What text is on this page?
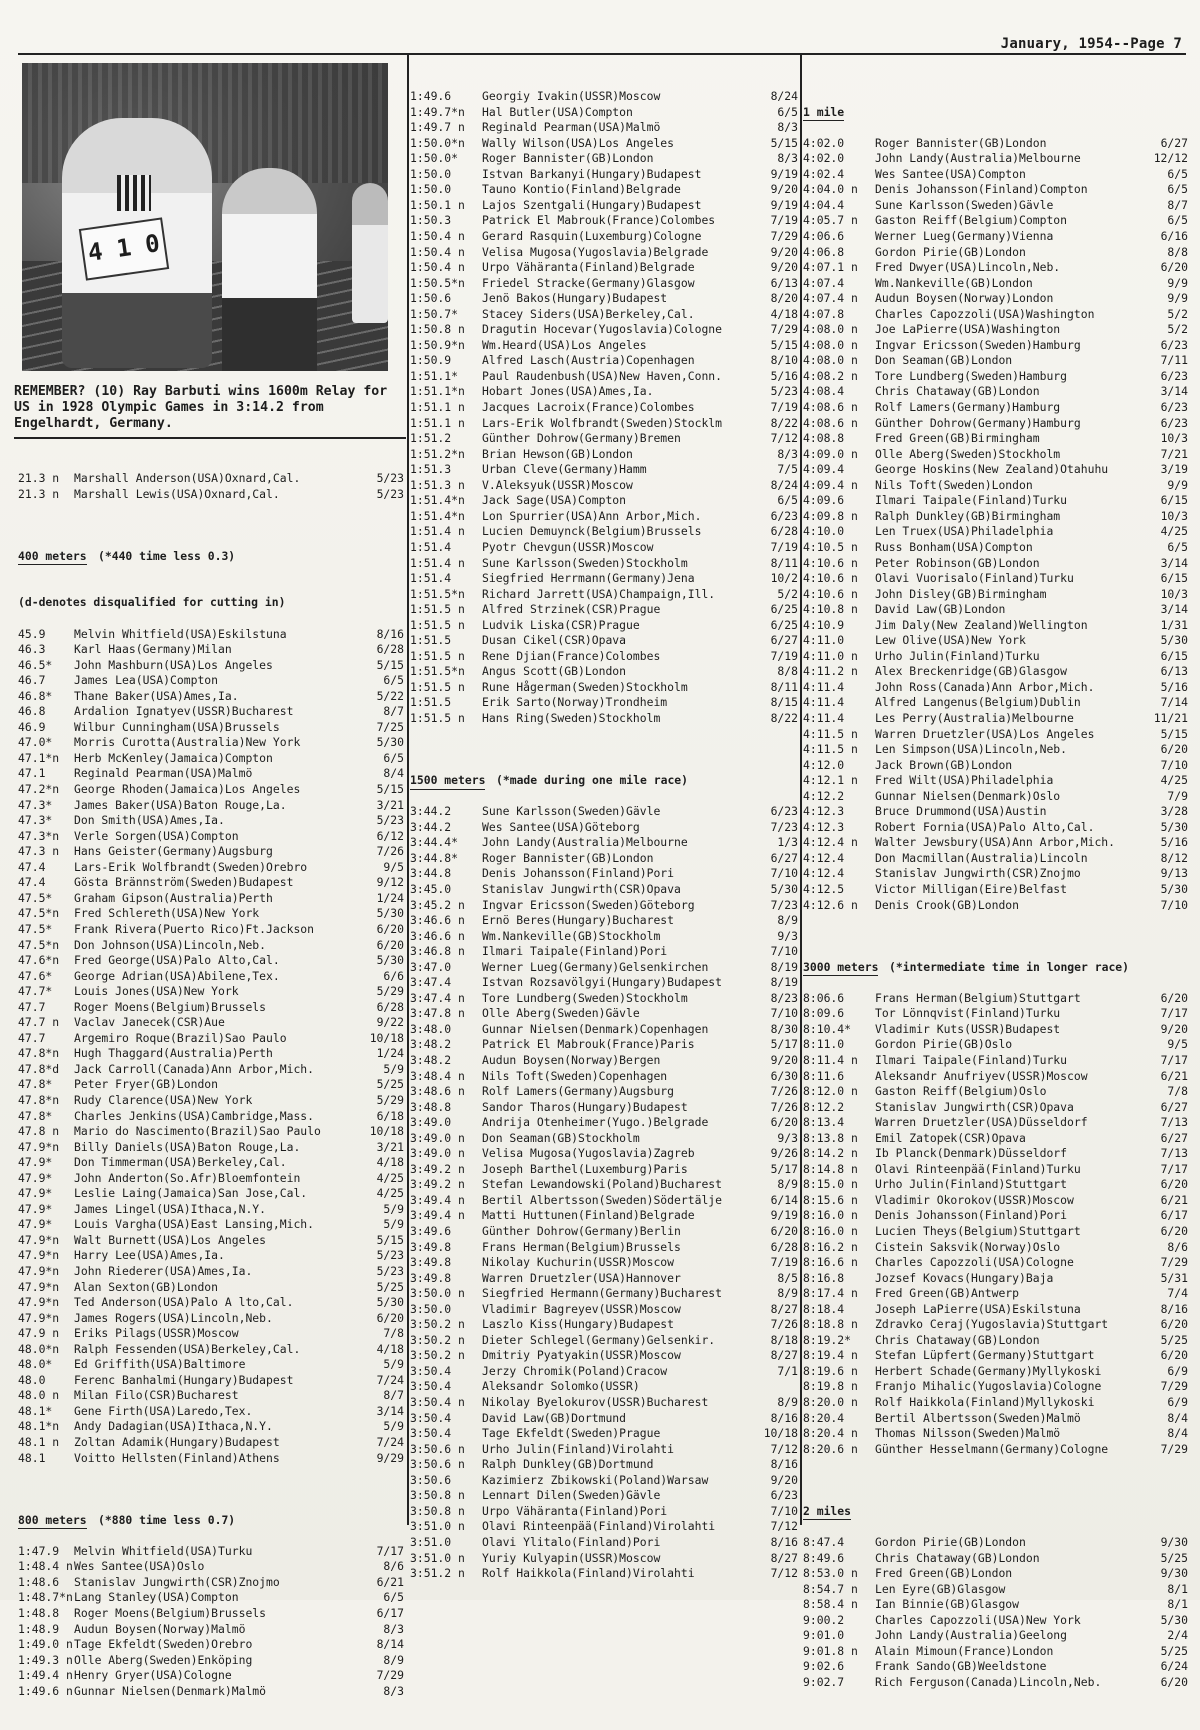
January, 1954--Page 7
4 1 0
REMEMBER? (10) Ray Barbuti wins 1600m Relay for US in 1928 Olympic Games in 3:14.2 from Engelhardt, Germany.

21.3 n Marshall Anderson(USA)Oxnard,Cal.	5/23
21.3 n Marshall Lewis(USA)Oxnard,Cal.	5/23

400 meters (*440 time less 0.3)

(d-denotes disqualified for cutting in)

45.9	Melvin Whitfield(USA)Eskilstuna	8/16
46.3	Karl Haas(Germany)Milan	6/28
46.5* John Mashburn(USA)Los Angeles	5/15
46.7	James Lea(USA)Compton	6/5
46.8* Thane Baker(USA)Ames,Ia.	5/22
46.8	Ardalion Ignatyev(USSR)Bucharest	8/7
46.9	Wilbur Cunningham(USA)Brussels	7/25
47.0* Morris Curotta(Australia)New York	5/30
47.1*n Herb McKenley(Jamaica)Compton	6/5
47.1	Reginald Pearman(USA)Malmö	8/4
47.2*n George Rhoden(Jamaica)Los Angeles	5/15
47.3* James Baker(USA)Baton Rouge,La.	3/21
47.3* Don Smith(USA)Ames,Ia.	5/23
47.3*n Verle Sorgen(USA)Compton	6/12
47.3 n Hans Geister(Germany)Augsburg	7/26
47.4	Lars-Erik Wolfbrandt(Sweden)Orebro	9/5
47.4	Gösta Brännström(Sweden)Budapest	9/12
47.5* Graham Gipson(Australia)Perth	1/24
47.5*n Fred Schlereth(USA)New York	5/30
47.5* Frank Rivera(Puerto Rico)Ft.Jackson	6/20
47.5*n Don Johnson(USA)Lincoln,Neb.	6/20
47.6*n Fred George(USA)Palo Alto,Cal.	5/30
47.6* George Adrian(USA)Abilene,Tex.	6/6
47.7* Louis Jones(USA)New York	5/29
47.7	Roger Moens(Belgium)Brussels	6/28
47.7 n Vaclav Janecek(CSR)Aue	9/22
47.7	Argemiro Roque(Brazil)Sao Paulo	10/18
47.8*n Hugh Thaggard(Australia)Perth	1/24
47.8*d Jack Carroll(Canada)Ann Arbor,Mich.	5/9
47.8* Peter Fryer(GB)London	5/25
47.8*n Rudy Clarence(USA)New York	5/29
47.8* Charles Jenkins(USA)Cambridge,Mass.	6/18
47.8 n Mario do Nascimento(Brazil)Sao Paulo	10/18
47.9*n Billy Daniels(USA)Baton Rouge,La.	3/21
47.9* Don Timmerman(USA)Berkeley,Cal.	4/18
47.9* John Anderton(So.Afr)Bloemfontein	4/25
47.9* Leslie Laing(Jamaica)San Jose,Cal.	4/25
47.9* James Lingel(USA)Ithaca,N.Y.	5/9
47.9* Louis Vargha(USA)East Lansing,Mich.	5/9
47.9*n Walt Burnett(USA)Los Angeles	5/15
47.9*n Harry Lee(USA)Ames,Ia.	5/23
47.9*n John Riederer(USA)Ames,Ia.	5/23
47.9*n Alan Sexton(GB)London	5/25
47.9*n Ted Anderson(USA)Palo A lto,Cal.	5/30
47.9*n James Rogers(USA)Lincoln,Neb.	6/20
47.9 n Eriks Pilags(USSR)Moscow	7/8
48.0*n Ralph Fessenden(USA)Berkeley,Cal.	4/18
48.0* Ed Griffith(USA)Baltimore	5/9
48.0	Ferenc Banhalmi(Hungary)Budapest	7/24
48.0 n Milan Filo(CSR)Bucharest	8/7
48.1* Gene Firth(USA)Laredo,Tex.	3/14
48.1*n Andy Dadagian(USA)Ithaca,N.Y.	5/9
48.1 n Zoltan Adamik(Hungary)Budapest	7/24
48.1	Voitto Hellsten(Finland)Athens	9/29

800 meters (*880 time less 0.7)

1:47.9 Melvin Whitfield(USA)Turku	7/17
1:48.4 n Wes Santee(USA)Oslo	8/6
1:48.6 Stanislav Jungwirth(CSR)Znojmo	6/21
1:48.7*n Lang Stanley(USA)Compton	6/5
1:48.8 Roger Moens(Belgium)Brussels	6/17
1:48.9 Audun Boysen(Norway)Malmö	8/3
1:49.0 n Tage Ekfeldt(Sweden)Orebro	8/14
1:49.3 n Olle Aberg(Sweden)Enköping	8/9
1:49.4 n Henry Gryer(USA)Cologne	7/29
1:49.6 n Gunnar Nielsen(Denmark)Malmö	8/3

1:49.6	Georgiy Ivakin(USSR)Moscow	8/24
1:49.7*n Hal Butler(USA)Compton	6/5
1:49.7 n Reginald Pearman(USA)Malmö	8/3
1:50.0*n Wally Wilson(USA)Los Angeles	5/15
1:50.0* Roger Bannister(GB)London	8/3
1:50.0	Istvan Barkanyi(Hungary)Budapest	9/19
1:50.0	Tauno Kontio(Finland)Belgrade	9/20
1:50.1 n Lajos Szentgali(Hungary)Budapest	9/19
1:50.3	Patrick El Mabrouk(France)Colombes	7/19
1:50.4 n Gerard Rasquin(Luxemburg)Cologne	7/29
1:50.4 n Velisa Mugosa(Yugoslavia)Belgrade	9/20
1:50.4 n Urpo Vähäranta(Finland)Belgrade	9/20
1:50.5*n Friedel Stracke(Germany)Glasgow	6/13
1:50.6	Jenö Bakos(Hungary)Budapest	8/20
1:50.7* Stacey Siders(USA)Berkeley,Cal.	4/18
1:50.8 n Dragutin Hocevar(Yugoslavia)Cologne	7/29
1:50.9*n Wm.Heard(USA)Los Angeles	5/15
1:50.9	Alfred Lasch(Austria)Copenhagen	8/10
1:51.1* Paul Raudenbush(USA)New Haven,Conn.	5/16
1:51.1*n Hobart Jones(USA)Ames,Ia.	5/23
1:51.1 n Jacques Lacroix(France)Colombes	7/19
1:51.1 n Lars-Erik Wolfbrandt(Sweden)Stocklm	8/22
1:51.2	Günther Dohrow(Germany)Bremen	7/12
1:51.2*n Brian Hewson(GB)London	8/3
1:51.3	Urban Cleve(Germany)Hamm	7/5
1:51.3 n V.Aleksyuk(USSR)Moscow	8/24
1:51.4*n Jack Sage(USA)Compton	6/5
1:51.4*n Lon Spurrier(USA)Ann Arbor,Mich.	6/23
1:51.4 n Lucien Demuynck(Belgium)Brussels	6/28
1:51.4	Pyotr Chevgun(USSR)Moscow	7/19
1:51.4 n Sune Karlsson(Sweden)Stockholm	8/11
1:51.4	Siegfried Herrmann(Germany)Jena	10/2
1:51.5*n Richard Jarrett(USA)Champaign,Ill.	5/2
1:51.5 n Alfred Strzinek(CSR)Prague	6/25
1:51.5 n Ludvik Liska(CSR)Prague	6/25
1:51.5	Dusan Cikel(CSR)Opava	6/27
1:51.5 n Rene Djian(France)Colombes	7/19
1:51.5*n Angus Scott(GB)London	8/8
1:51.5 n Rune Hågerman(Sweden)Stockholm	8/11
1:51.5	Erik Sarto(Norway)Trondheim	8/15
1:51.5 n Hans Ring(Sweden)Stockholm	8/22

1500 meters (*made during one mile race)

3:44.2	Sune Karlsson(Sweden)Gävle	6/23
3:44.2	Wes Santee(USA)Göteborg	7/23
3:44.4* John Landy(Australia)Melbourne	1/3
3:44.8* Roger Bannister(GB)London	6/27
3:44.8	Denis Johansson(Finland)Pori	7/10
3:45.0	Stanislav Jungwirth(CSR)Opava	5/30
3:45.2 n Ingvar Ericsson(Sweden)Göteborg	7/23
3:46.6 n Ernö Beres(Hungary)Bucharest	8/9
3:46.6 n Wm.Nankeville(GB)Stockholm	9/3
3:46.8 n Ilmari Taipale(Finland)Pori	7/10
3:47.0	Werner Lueg(Germany)Gelsenkirchen	8/19
3:47.4	Istvan Rozsavölgyi(Hungary)Budapest	8/19
3:47.4 n Tore Lundberg(Sweden)Stockholm	8/23
3:47.8 n Olle Aberg(Sweden)Gävle	7/10
3:48.0	Gunnar Nielsen(Denmark)Copenhagen	8/30
3:48.2	Patrick El Mabrouk(France)Paris	5/17
3:48.2	Audun Boysen(Norway)Bergen	9/20
3:48.4 n Nils Toft(Sweden)Copenhagen	6/30
3:48.6 n Rolf Lamers(Germany)Augsburg	7/26
3:48.8	Sandor Tharos(Hungary)Budapest	7/26
3:49.0	Andrija Otenheimer(Yugo.)Belgrade	6/20
3:49.0 n Don Seaman(GB)Stockholm	9/3
3:49.0 n Velisa Mugosa(Yugoslavia)Zagreb	9/26
3:49.2 n Joseph Barthel(Luxemburg)Paris	5/17
3:49.2 n Stefan Lewandowski(Poland)Bucharest	8/9
3:49.4 n Bertil Albertsson(Sweden)Södertälje	6/14
3:49.4 n Matti Huttunen(Finland)Belgrade	9/19
3:49.6	Günther Dohrow(Germany)Berlin	6/20
3:49.8	Frans Herman(Belgium)Brussels	6/28
3:49.8	Nikolay Kuchurin(USSR)Moscow	7/19
3:49.8	Warren Druetzler(USA)Hannover	8/5
3:50.0 n Siegfried Hermann(Germany)Bucharest	8/9
3:50.0	Vladimir Bagreyev(USSR)Moscow	8/27
3:50.2 n Laszlo Kiss(Hungary)Budapest	7/26
3:50.2 n Dieter Schlegel(Germany)Gelsenkir.	8/18
3:50.2 n Dmitriy Pyatyakin(USSR)Moscow	8/27
3:50.4	Jerzy Chromik(Poland)Cracow	7/1
3:50.4	Aleksandr Solomko(USSR)
3:50.4 n Nikolay Byelokurov(USSR)Bucharest	8/9
3:50.4	David Law(GB)Dortmund	8/16
3:50.4	Tage Ekfeldt(Sweden)Prague	10/18
3:50.6 n Urho Julin(Finland)Virolahti	7/12
3:50.6 n Ralph Dunkley(GB)Dortmund	8/16
3:50.6	Kazimierz Zbikowski(Poland)Warsaw	9/20
3:50.8 n Lennart Dilen(Sweden)Gävle	6/23
3:50.8 n Urpo Vähäranta(Finland)Pori	7/10
3:51.0 n Olavi Rinteenpää(Finland)Virolahti	7/12
3:51.0	Olavi Ylitalo(Finland)Pori	8/16
3:51.0 n Yuriy Kulyapin(USSR)Moscow	8/27
3:51.2 n Rolf Haikkola(Finland)Virolahti	7/12

1 mile

4:02.0	Roger Bannister(GB)London	6/27
4:02.0	John Landy(Australia)Melbourne	12/12
4:02.4	Wes Santee(USA)Compton	6/5
4:04.0 n Denis Johansson(Finland)Compton	6/5
4:04.4	Sune Karlsson(Sweden)Gävle	8/7
4:05.7 n Gaston Reiff(Belgium)Compton	6/5
4:06.6	Werner Lueg(Germany)Vienna	6/16
4:06.8	Gordon Pirie(GB)London	8/8
4:07.1 n Fred Dwyer(USA)Lincoln,Neb.	6/20
4:07.4	Wm.Nankeville(GB)London	9/9
4:07.4 n Audun Boysen(Norway)London	9/9
4:07.8	Charles Capozzoli(USA)Washington	5/2
4:08.0 n Joe LaPierre(USA)Washington	5/2
4:08.0 n Ingvar Ericsson(Sweden)Hamburg	6/23
4:08.0 n Don Seaman(GB)London	7/11
4:08.2 n Tore Lundberg(Sweden)Hamburg	6/23
4:08.4	Chris Chataway(GB)London	3/14
4:08.6 n Rolf Lamers(Germany)Hamburg	6/23
4:08.6 n Günther Dohrow(Germany)Hamburg	6/23
4:08.8	Fred Green(GB)Birmingham	10/3
4:09.0 n Olle Aberg(Sweden)Stockholm	7/21
4:09.4	George Hoskins(New Zealand)Otahuhu	3/19
4:09.4 n Nils Toft(Sweden)London	9/9
4:09.6	Ilmari Taipale(Finland)Turku	6/15
4:09.8 n Ralph Dunkley(GB)Birmingham	10/3
4:10.0	Len Truex(USA)Philadelphia	4/25
4:10.5 n Russ Bonham(USA)Compton	6/5
4:10.6 n Peter Robinson(GB)London	3/14
4:10.6 n Olavi Vuorisalo(Finland)Turku	6/15
4:10.6 n John Disley(GB)Birmingham	10/3
4:10.8 n David Law(GB)London	3/14
4:10.9	Jim Daly(New Zealand)Wellington	1/31
4:11.0	Lew Olive(USA)New York	5/30
4:11.0 n Urho Julin(Finland)Turku	6/15
4:11.2 n Alex Breckenridge(GB)Glasgow	6/13
4:11.4	John Ross(Canada)Ann Arbor,Mich.	5/16
4:11.4	Alfred Langenus(Belgium)Dublin	7/14
4:11.4	Les Perry(Australia)Melbourne	11/21
4:11.5 n Warren Druetzler(USA)Los Angeles	5/15
4:11.5 n Len Simpson(USA)Lincoln,Neb.	6/20
4:12.0	Jack Brown(GB)London	7/10
4:12.1 n Fred Wilt(USA)Philadelphia	4/25
4:12.2	Gunnar Nielsen(Denmark)Oslo	7/9
4:12.3	Bruce Drummond(USA)Austin	3/28
4:12.3	Robert Fornia(USA)Palo Alto,Cal.	5/30
4:12.4 n Walter Jewsbury(USA)Ann Arbor,Mich.	5/16
4:12.4	Don Macmillan(Australia)Lincoln	8/12
4:12.4	Stanislav Jungwirth(CSR)Znojmo	9/13
4:12.5	Victor Milligan(Eire)Belfast	5/30
4:12.6 n Denis Crook(GB)London	7/10

3000 meters (*intermediate time in longer race)

8:06.6	Frans Herman(Belgium)Stuttgart	6/20
8:09.6	Tor Lönnqvist(Finland)Turku	7/17
8:10.4* Vladimir Kuts(USSR)Budapest	9/20
8:11.0	Gordon Pirie(GB)Oslo	9/5
8:11.4 n Ilmari Taipale(Finland)Turku	7/17
8:11.6	Aleksandr Anufriyev(USSR)Moscow	6/21
8:12.0 n Gaston Reiff(Belgium)Oslo	7/8
8:12.2	Stanislav Jungwirth(CSR)Opava	6/27
8:13.4	Warren Druetzler(USA)Düsseldorf	7/13
8:13.8 n Emil Zatopek(CSR)Opava	6/27
8:14.2 n Ib Planck(Denmark)Düsseldorf	7/13
8:14.8 n Olavi Rinteenpää(Finland)Turku	7/17
8:15.0 n Urho Julin(Finland)Stuttgart	6/20
8:15.6 n Vladimir Okorokov(USSR)Moscow	6/21
8:16.0 n Denis Johansson(Finland)Pori	6/17
8:16.0 n Lucien Theys(Belgium)Stuttgart	6/20
8:16.2 n Cistein Saksvik(Norway)Oslo	8/6
8:16.6 n Charles Capozzoli(USA)Cologne	7/29
8:16.8	Jozsef Kovacs(Hungary)Baja	5/31
8:17.4 n Fred Green(GB)Antwerp	7/4
8:18.4	Joseph LaPierre(USA)Eskilstuna	8/16
8:18.8 n Zdravko Ceraj(Yugoslavia)Stuttgart	6/20
8:19.2* Chris Chataway(GB)London	5/25
8:19.4 n Stefan Lüpfert(Germany)Stuttgart	6/20
8:19.6 n Herbert Schade(Germany)Myllykoski	6/9
8:19.8 n Franjo Mihalic(Yugoslavia)Cologne	7/29
8:20.0 n Rolf Haikkola(Finland)Myllykoski	6/9
8:20.4	Bertil Albertsson(Sweden)Malmö	8/4
8:20.4 n Thomas Nilsson(Sweden)Malmö	8/4
8:20.6 n Günther Hesselmann(Germany)Cologne	7/29

2 miles

8:47.4	Gordon Pirie(GB)London	9/30
8:49.6	Chris Chataway(GB)London	5/25
8:53.0 n Fred Green(GB)London	9/30
8:54.7 n Len Eyre(GB)Glasgow	8/1
8:58.4 n Ian Binnie(GB)Glasgow	8/1
9:00.2	Charles Capozzoli(USA)New York	5/30
9:01.0	John Landy(Australia)Geelong	2/4
9:01.8 n Alain Mimoun(France)London	5/25
9:02.6	Frank Sando(GB)Weeldstone	6/24
9:02.7	Rich Ferguson(Canada)Lincoln,Neb.	6/20
